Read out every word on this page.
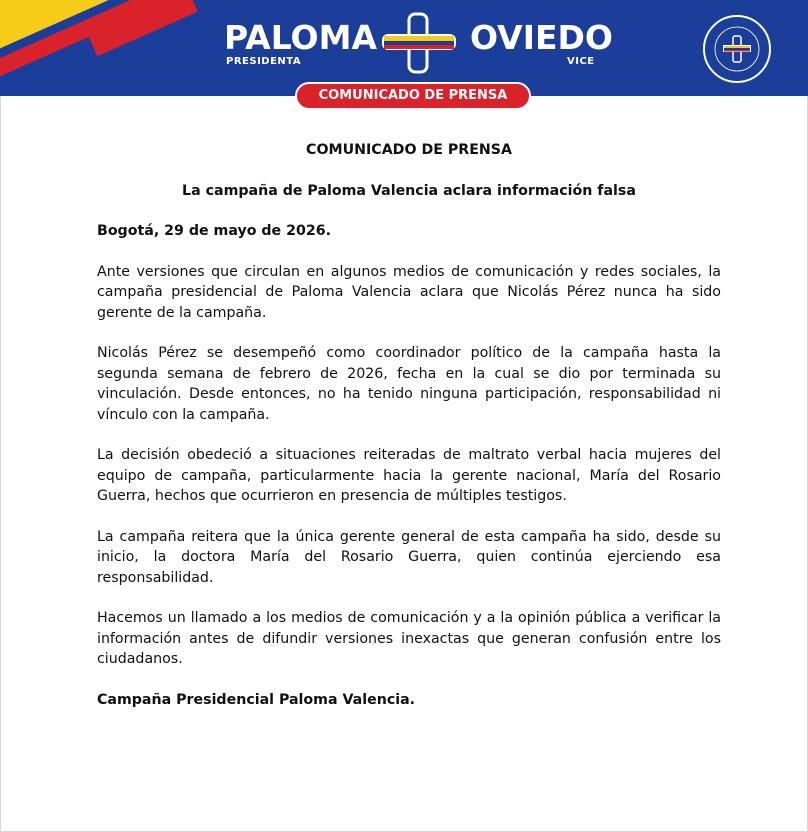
PALOMA	OVIEDO
PRESIDENTA	VICE
COMUNICADO DE PRENSA

COMUNICADO DE PRENSA

La campaña de Paloma Valencia aclara información falsa

Bogotá, 29 de mayo de 2026.

Ante versiones que circulan en algunos medios de comunicación y redes sociales, la campaña presidencial de Paloma Valencia aclara que Nicolás Pérez nunca ha sido gerente de la campaña.

Nicolás Pérez se desempeñó como coordinador político de la campaña hasta la segunda semana de febrero de 2026, fecha en la cual se dio por terminada su vinculación. Desde entonces, no ha tenido ninguna participación, responsabilidad ni vínculo con la campaña.

La decisión obedeció a situaciones reiteradas de maltrato verbal hacia mujeres del equipo de campaña, particularmente hacia la gerente nacional, María del Rosario Guerra, hechos que ocurrieron en presencia de múltiples testigos.

La campaña reitera que la única gerente general de esta campaña ha sido, desde su inicio, la doctora María del Rosario Guerra, quien continúa ejerciendo esa responsabilidad.

Hacemos un llamado a los medios de comunicación y a la opinión pública a verificar la información antes de difundir versiones inexactas que generan confusión entre los ciudadanos.

Campaña Presidencial Paloma Valencia.
